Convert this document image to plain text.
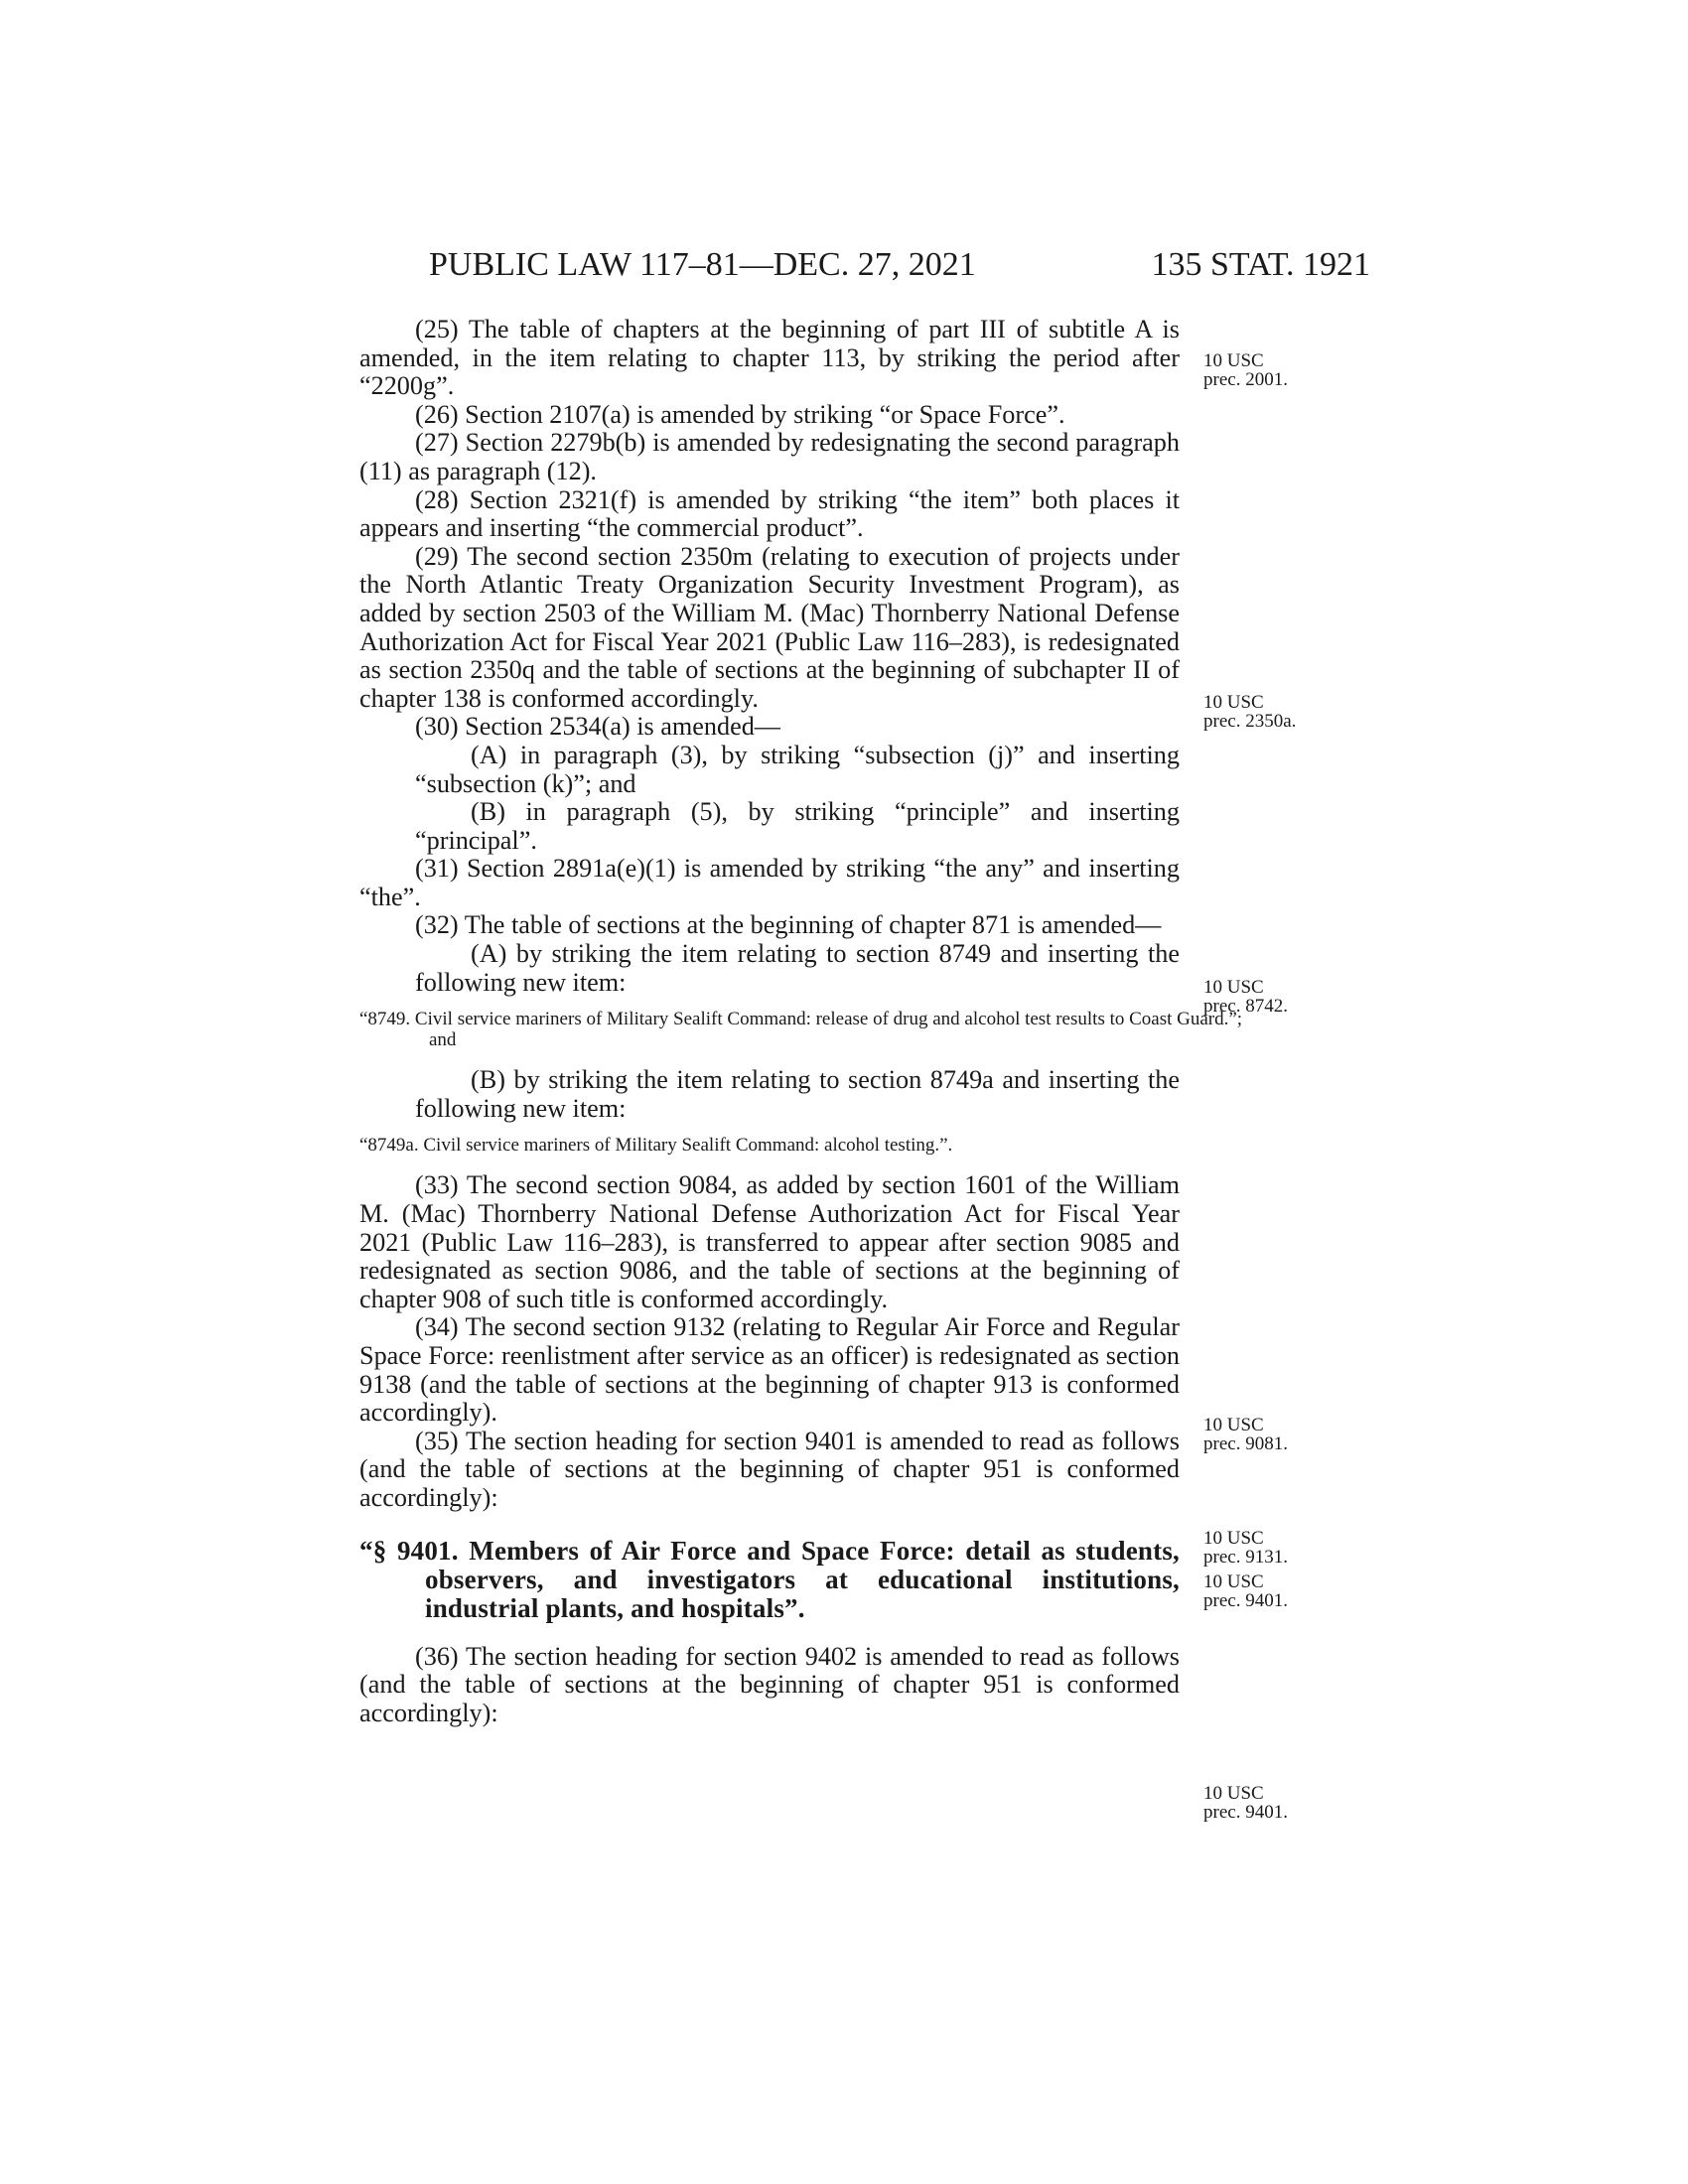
PUBLIC LAW 117–81—DEC. 27, 2021	135 STAT. 1921

(25) The table of chapters at the beginning of part III of subtitle A is amended, in the item relating to chapter 113, by striking the period after “2200g”.

(26) Section 2107(a) is amended by striking “or Space Force”.

(27) Section 2279b(b) is amended by redesignating the second paragraph (11) as paragraph (12).

(28) Section 2321(f) is amended by striking “the item” both places it appears and inserting “the commercial product”.

(29) The second section 2350m (relating to execution of projects under the North Atlantic Treaty Organization Security Investment Program), as added by section 2503 of the William M. (Mac) Thornberry National Defense Authorization Act for Fiscal Year 2021 (Public Law 116–283), is redesignated as section 2350q and the table of sections at the beginning of subchapter II of chapter 138 is conformed accordingly.

(30) Section 2534(a) is amended—

(A) in paragraph (3), by striking “subsection (j)” and inserting “subsection (k)”; and

(B) in paragraph (5), by striking “principle” and inserting “principal”.

(31) Section 2891a(e)(1) is amended by striking “the any” and inserting “the”.

(32) The table of sections at the beginning of chapter 871 is amended—

(A) by striking the item relating to section 8749 and inserting the following new item:

“8749. Civil service mariners of Military Sealift Command: release of drug and alcohol test results to Coast Guard.”; and

(B) by striking the item relating to section 8749a and inserting the following new item:

“8749a. Civil service mariners of Military Sealift Command: alcohol testing.”.

(33) The second section 9084, as added by section 1601 of the William M. (Mac) Thornberry National Defense Authorization Act for Fiscal Year 2021 (Public Law 116–283), is transferred to appear after section 9085 and redesignated as section 9086, and the table of sections at the beginning of chapter 908 of such title is conformed accordingly.

(34) The second section 9132 (relating to Regular Air Force and Regular Space Force: reenlistment after service as an officer) is redesignated as section 9138 (and the table of sections at the beginning of chapter 913 is conformed accordingly).

(35) The section heading for section 9401 is amended to read as follows (and the table of sections at the beginning of chapter 951 is conformed accordingly):

“§ 9401. Members of Air Force and Space Force: detail as students, observers, and investigators at educational institutions, industrial plants, and hospitals”.

(36) The section heading for section 9402 is amended to read as follows (and the table of sections at the beginning of chapter 951 is conformed accordingly):

10 USC
prec. 2001.
10 USC
prec. 2350a.
10 USC
prec. 8742.
10 USC
prec. 9081.
10 USC
prec. 9131.
10 USC
prec. 9401.
10 USC
prec. 9401.
